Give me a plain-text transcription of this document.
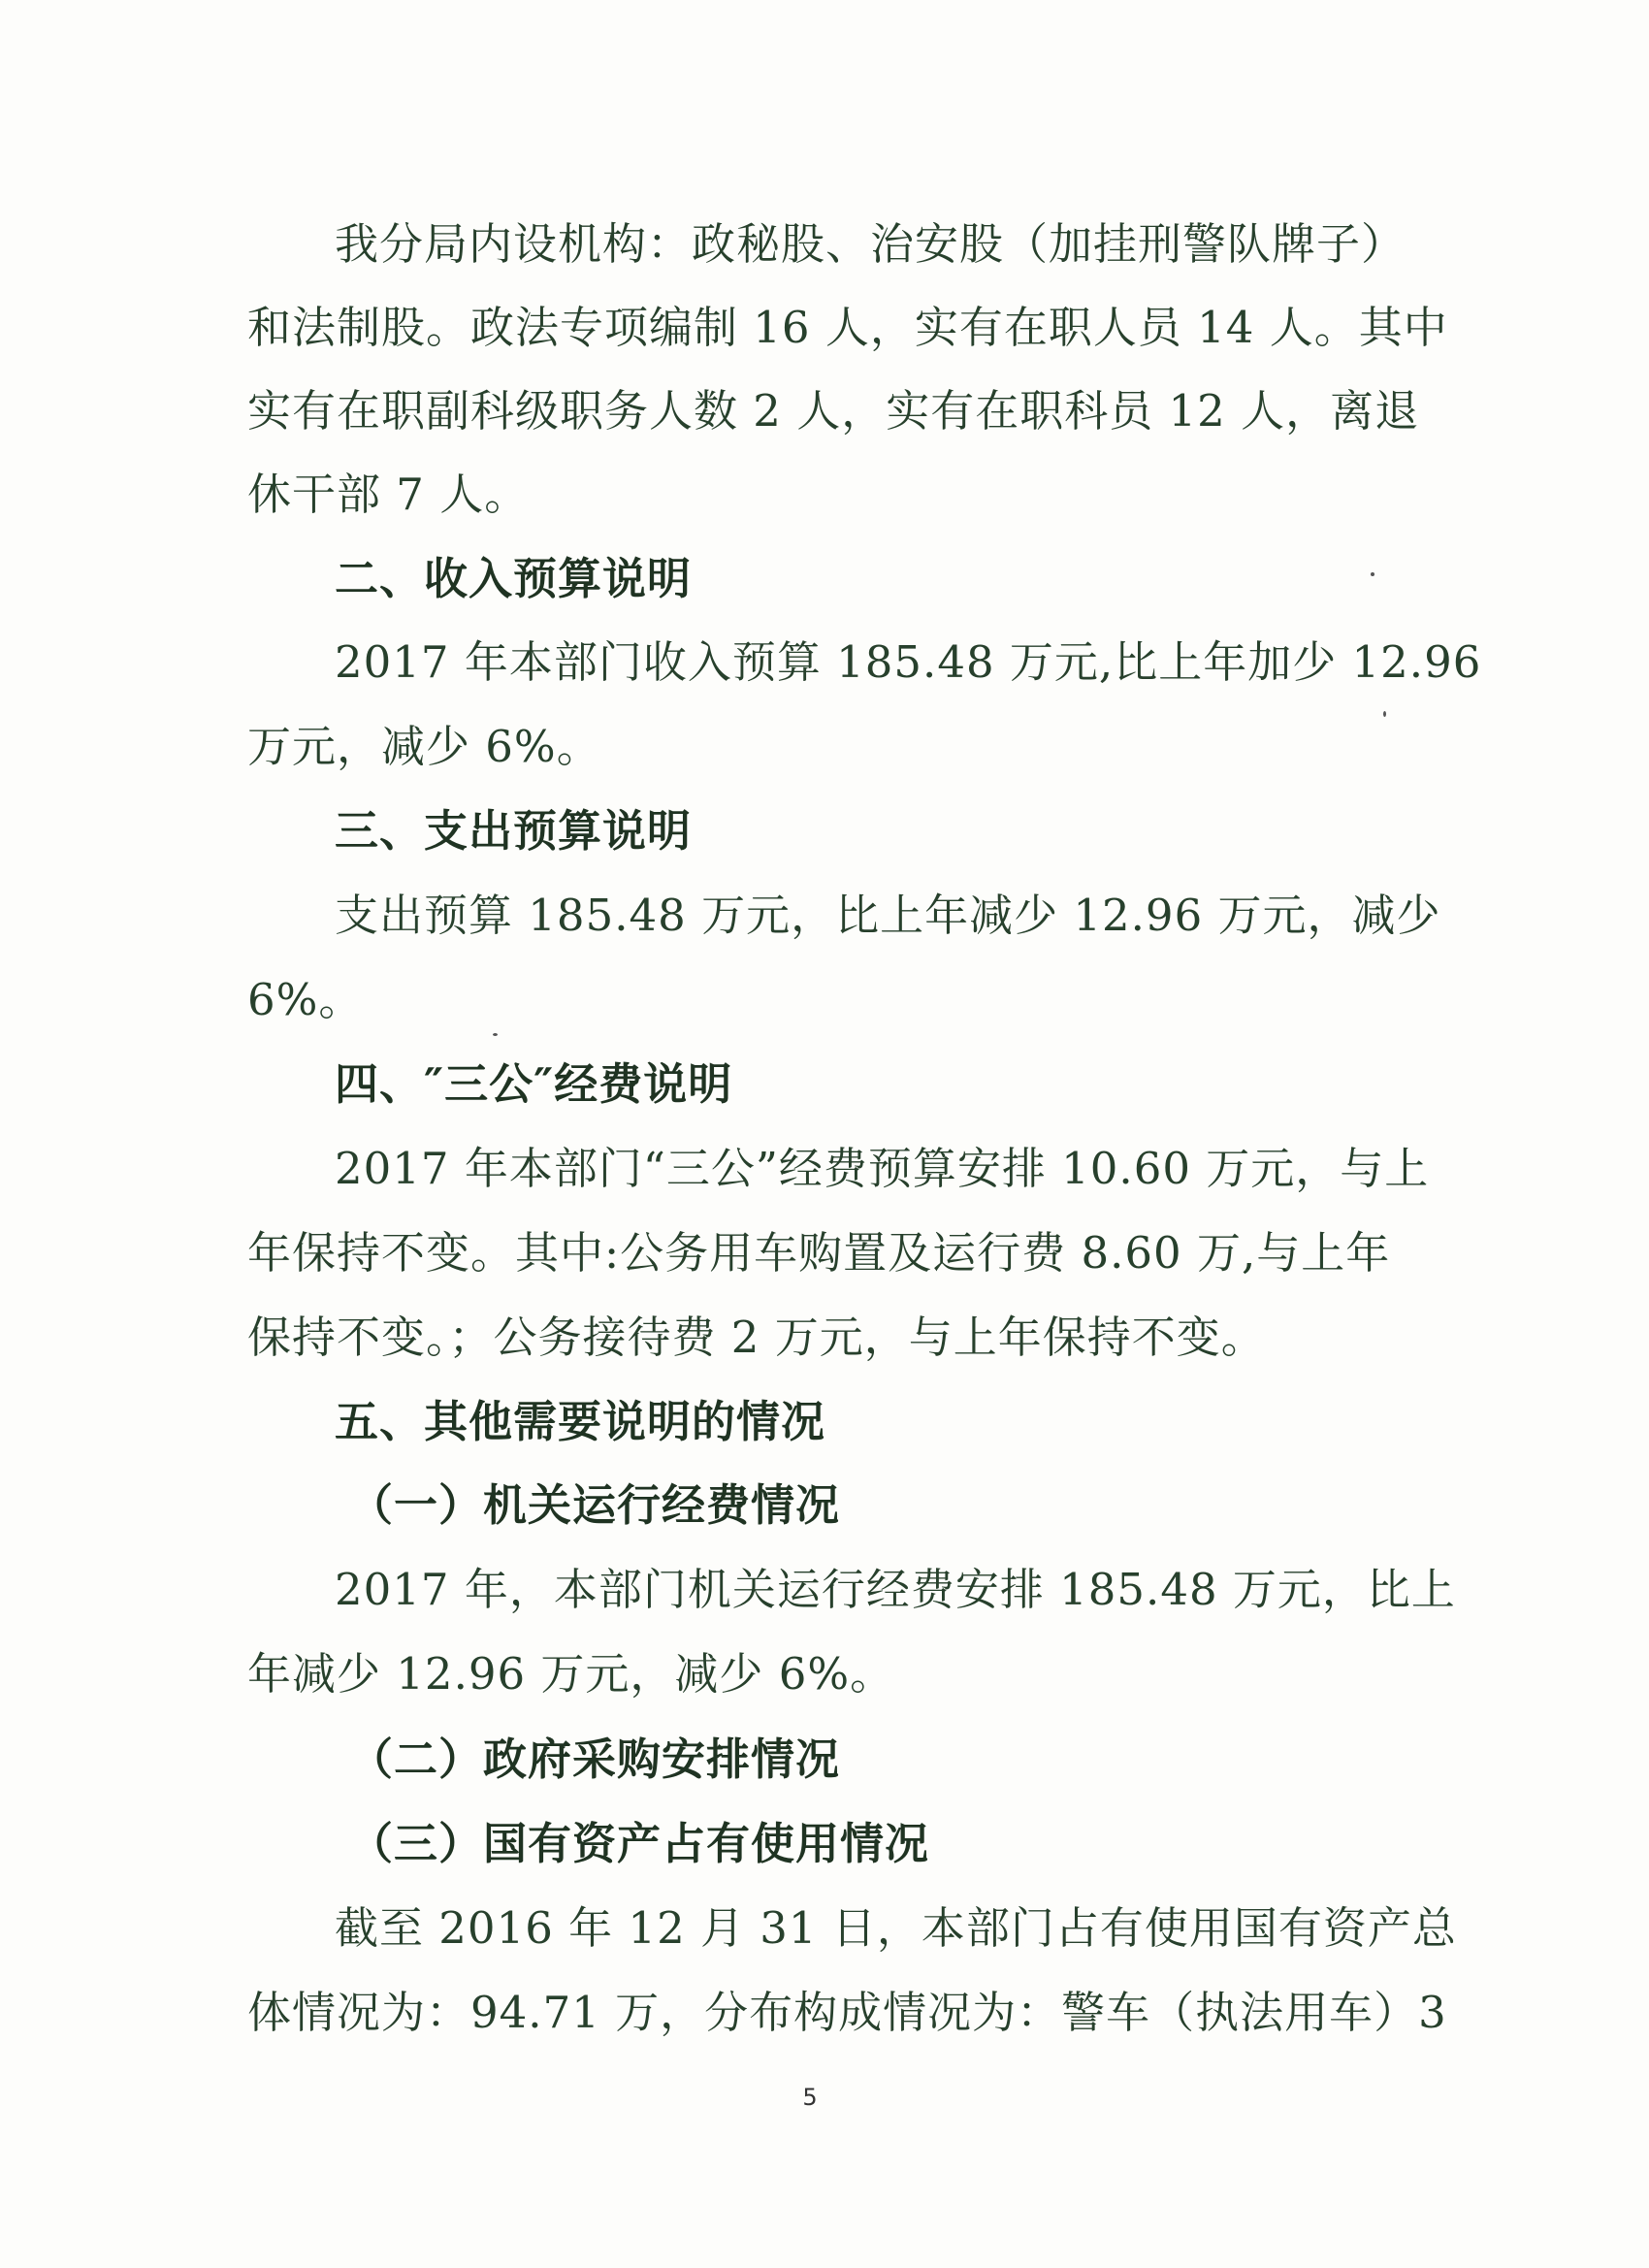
我分局内设机构：政秘股、治安股（加挂刑警队牌子）
和法制股。政法专项编制 16 人，实有在职人员 14 人。其中
实有在职副科级职务人数 2 人，实有在职科员 12 人，离退
休干部 7 人。
二、收入预算说明
2017 年本部门收入预算 185.48 万元,比上年加少 12.96
万元，减少 6%。
三、支出预算说明
支出预算 185.48 万元，比上年减少 12.96 万元，减少
6%。
四、″三公″经费说明
2017 年本部门“三公”经费预算安排 10.60 万元，与上
年保持不变。其中:公务用车购置及运行费 8.60 万,与上年
保持不变。；公务接待费 2 万元，与上年保持不变。
五、其他需要说明的情况
（一）机关运行经费情况
2017 年，本部门机关运行经费安排 185.48 万元，比上
年减少 12.96 万元，减少 6%。
（二）政府采购安排情况
（三）国有资产占有使用情况
截至 2016 年 12 月 31 日，本部门占有使用国有资产总
体情况为：94.71 万，分布构成情况为：警车（执法用车）3
5
